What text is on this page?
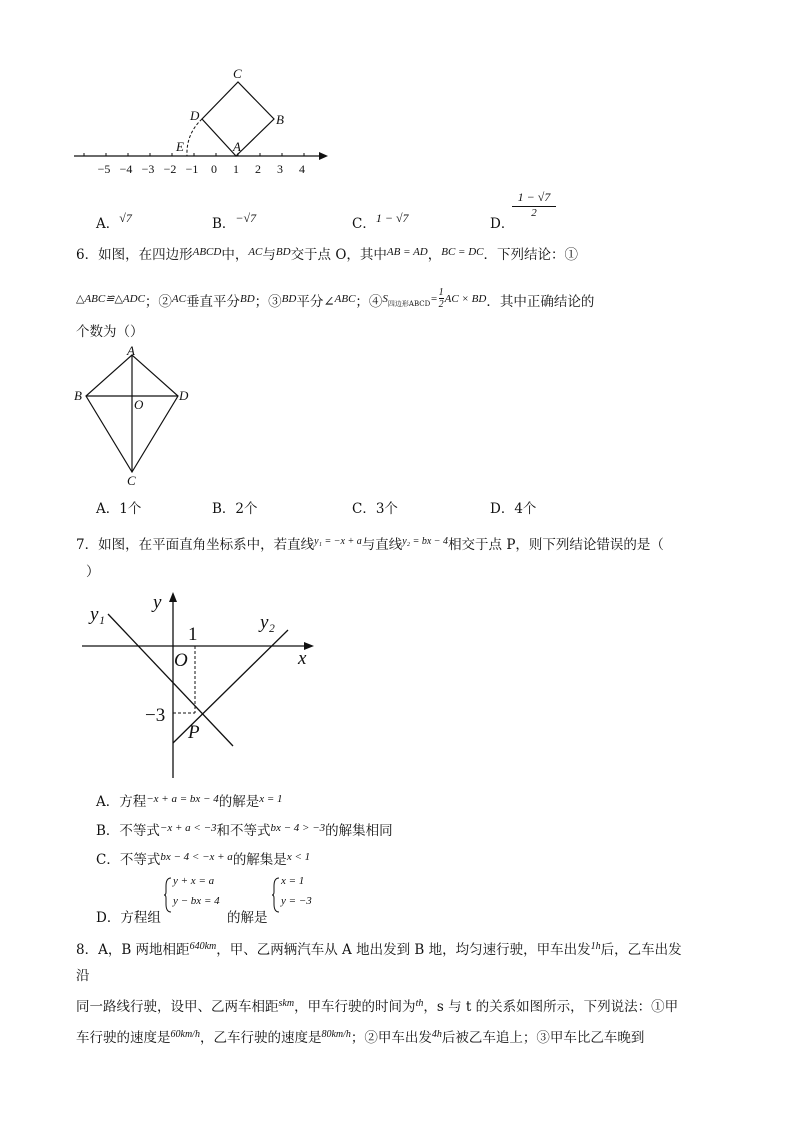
−5 −4 −3 −2 −1 0 1 2 3 4
C
D	B
E	A
A．√7	B．−√7	C．1 − √7	D．
1 − √7
2
6．如图，在四边形$^{ABCD}$中，$^{AC}$与$^{BD}$交于点 O，其中$^{AB = AD}$，$^{BC = DC}$．下列结论：①
$^{\triangle ABC≌\triangle ADC}$；②$^{AC}$垂直平分$^{BD}$；③$^{BD}$平分∠$^{ABC}$；④$^S$四边形ABCD= $\frac{1}{2} ^{AC \times BD}$．其中正确结论的
个数为（）
A
B	D
O
C
A．1个	B．2个	C．3个	D．4个
7．如图，在平面直角坐标系中，若直线$^{y_1 = -x + a}$与直线$^{y_2 = bx - 4}$相交于点 P，则下列结论错误的是（
）
y₁	y₂
y
x
1
O
−3
P
A．方程$^{-x + a = bx - 4}$的解是$^{x = 1}$
B．不等式$^{-x + a < -3}$和不等式$^{bx - 4 > -3}$的解集相同
C．不等式$^{bx - 4 < -x + a}$的解集是$^{x < 1}$
D．方程组
y + x = a
y − bx = 4
的解是
x = 1
y = −3
8．A，B 两地相距$^{640km}$，甲、乙两辆汽车从 A 地出发到 B 地，均匀速行驶，甲车出发$^{1h}$后，乙车出发
沿
同一路线行驶，设甲、乙两车相距$^{skm}$，甲车行驶的时间为$^{th}$，s 与 t 的关系如图所示，下列说法：①甲
车行驶的速度是$^{60km/h}$，乙车行驶的速度是$^{80km/h}$；②甲车出发$^{4h}$后被乙车追上；③甲车比乙车晚到
